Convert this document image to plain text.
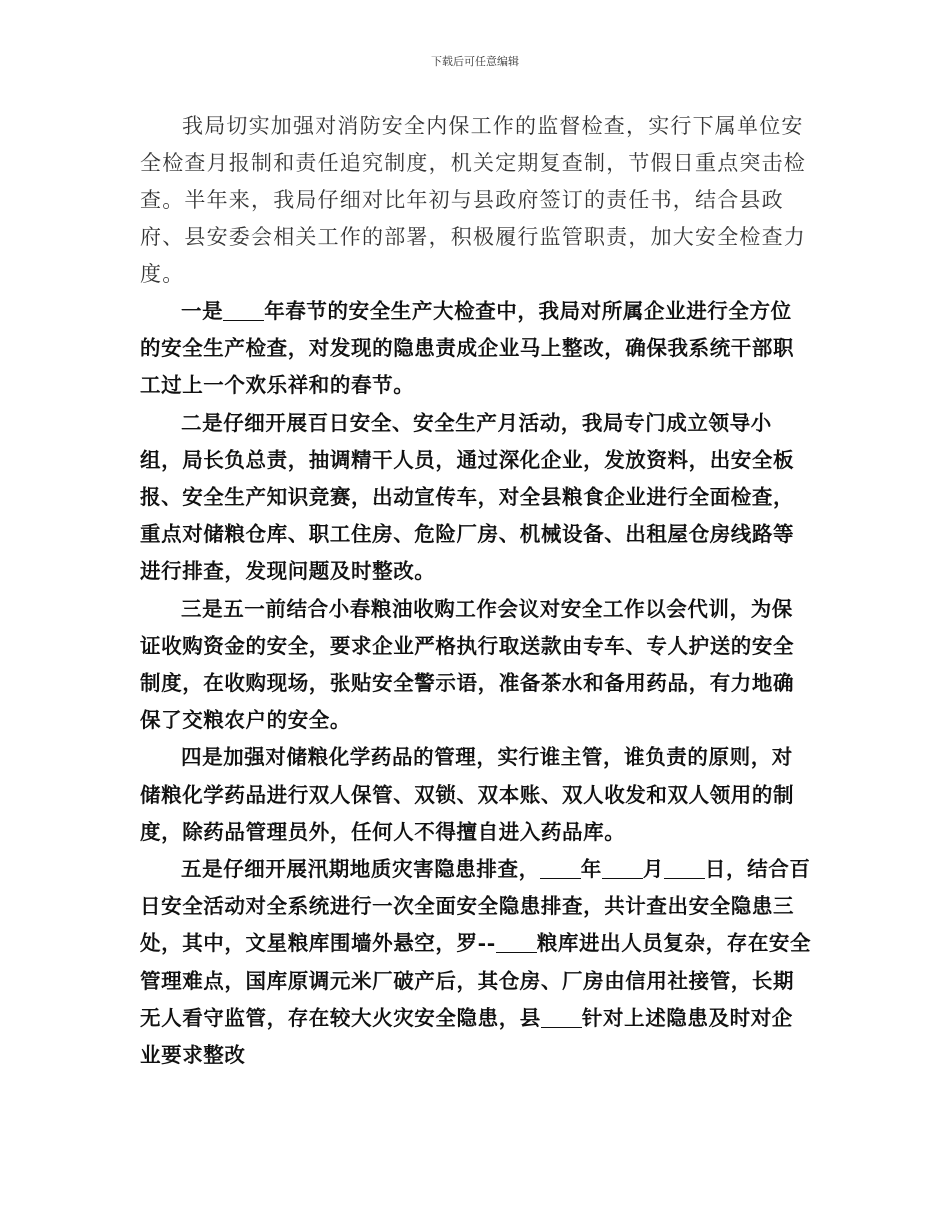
下载后可任意编辑

我局切实加强对消防安全内保工作的监督检查，实行下属单位安全检查月报制和责任追究制度，机关定期复查制，节假日重点突击检查。半年来，我局仔细对比年初与县政府签订的责任书，结合县政府、县安委会相关工作的部署，积极履行监管职责，加大安全检查力度。

一是 年春节的安全生产大检查中，我局对所属企业进行全方位的安全生产检查，对发现的隐患责成企业马上整改，确保我系统干部职工过上一个欢乐祥和的春节。

二是仔细开展百日安全、安全生产月活动，我局专门成立领导小组，局长负总责，抽调精干人员，通过深化企业，发放资料，出安全板报、安全生产知识竞赛，出动宣传车，对全县粮食企业进行全面检查，重点对储粮仓库、职工住房、危险厂房、机械设备、出租屋仓房线路等进行排查，发现问题及时整改。

三是五一前结合小春粮油收购工作会议对安全工作以会代训，为保证收购资金的安全，要求企业严格执行取送款由专车、专人护送的安全制度，在收购现场，张贴安全警示语，准备茶水和备用药品，有力地确保了交粮农户的安全。

四是加强对储粮化学药品的管理，实行谁主管，谁负责的原则，对储粮化学药品进行双人保管、双锁、双本账、双人收发和双人领用的制度，除药品管理员外，任何人不得擅自进入药品库。

五是仔细开展汛期地质灾害隐患排查， 年 月 日，结合百日安全活动对全系统进行一次全面安全隐患排查，共计查出安全隐患三处，其中，文星粮库围墙外悬空，罗-- 粮库进出人员复杂，存在安全管理难点，国库原调元米厂破产后，其仓房、厂房由信用社接管，长期无人看守监管，存在较大火灾安全隐患，县 针对上述隐患及时对企业要求整改
